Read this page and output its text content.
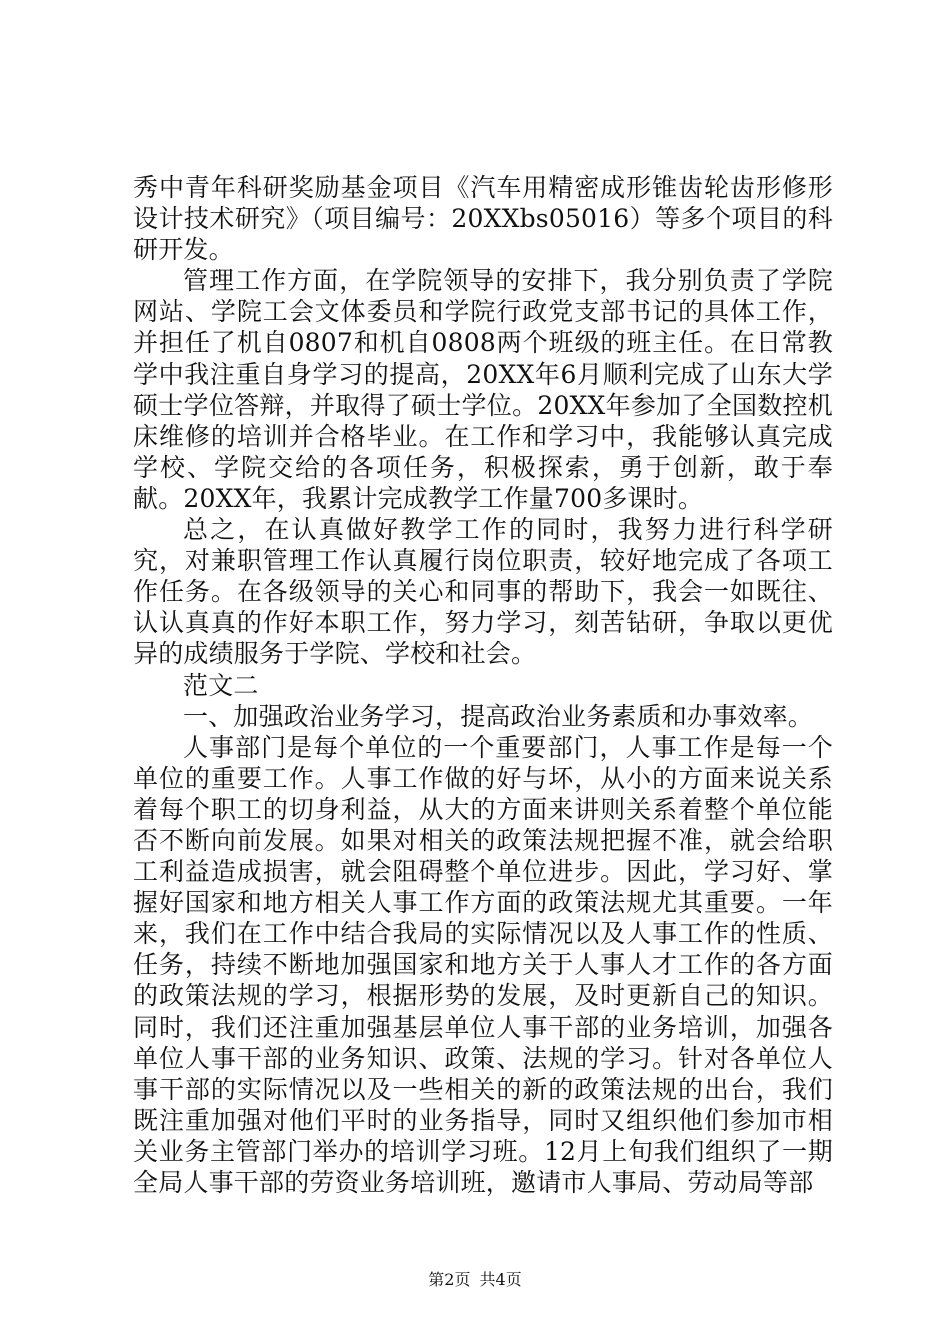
秀中青年科研奖励基金项目《汽车用精密成形锥齿轮齿形修形设计技术研究》（项目编号：20XXbs05016）等多个项目的科研开发。

管理工作方面，在学院领导的安排下，我分别负责了学院网站、学院工会文体委员和学院行政党支部书记的具体工作，并担任了机自0807和机自0808两个班级的班主任。在日常教学中我注重自身学习的提高，20XX年6月顺利完成了山东大学硕士学位答辩，并取得了硕士学位。20XX年参加了全国数控机床维修的培训并合格毕业。在工作和学习中，我能够认真完成学校、学院交给的各项任务，积极探索，勇于创新，敢于奉献。20XX年，我累计完成教学工作量700多课时。

总之，在认真做好教学工作的同时，我努力进行科学研究，对兼职管理工作认真履行岗位职责，较好地完成了各项工作任务。在各级领导的关心和同事的帮助下，我会一如既往、认认真真的作好本职工作，努力学习，刻苦钻研，争取以更优异的成绩服务于学院、学校和社会。

范文二

一、加强政治业务学习，提高政治业务素质和办事效率。

人事部门是每个单位的一个重要部门，人事工作是每一个单位的重要工作。人事工作做的好与坏，从小的方面来说关系着每个职工的切身利益，从大的方面来讲则关系着整个单位能否不断向前发展。如果对相关的政策法规把握不准，就会给职工利益造成损害，就会阻碍整个单位进步。因此，学习好、掌握好国家和地方相关人事工作方面的政策法规尤其重要。一年来，我们在工作中结合我局的实际情况以及人事工作的性质、任务，持续不断地加强国家和地方关于人事人才工作的各方面的政策法规的学习，根据形势的发展，及时更新自己的知识。同时，我们还注重加强基层单位人事干部的业务培训，加强各单位人事干部的业务知识、政策、法规的学习。针对各单位人事干部的实际情况以及一些相关的新的政策法规的出台，我们既注重加强对他们平时的业务指导，同时又组织他们参加市相关业务主管部门举办的培训学习班。12月上旬我们组织了一期全局人事干部的劳资业务培训班，邀请市人事局、劳动局等部

第2页 共4页
